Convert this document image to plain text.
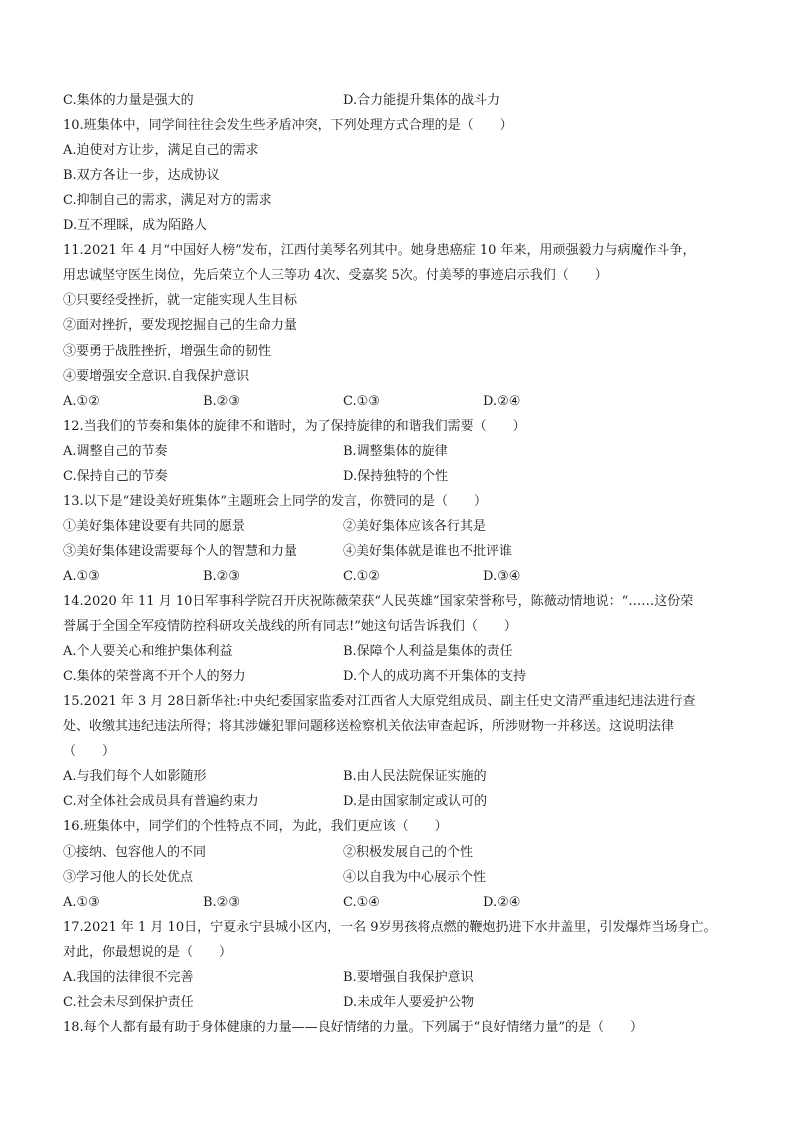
C.集体的力量是强大的	D.合力能提升集体的战斗力
10.班集体中，同学间往往会发生些矛盾冲突，下列处理方式合理的是（　　）
A.迫使对方让步，满足自己的需求
B.双方各让一步，达成协议
C.抑制自己的需求，满足对方的需求
D.互不理睬，成为陌路人
11.2021 年 4 月“中国好人榜”发布，江西付美琴名列其中。她身患癌症 10 年来，用顽强毅力与病魔作斗争，
用忠诚坚守医生岗位，先后荣立个人三等功 4次、受嘉奖 5次。付美琴的事迹启示我们（　　）
①只要经受挫折，就一定能实现人生目标
②面对挫折，要发现挖掘自己的生命力量
③要勇于战胜挫折，增强生命的韧性
④要增强安全意识.自我保护意识
A.①②	B.②③	C.①③	D.②④
12.当我们的节奏和集体的旋律不和谐时，为了保持旋律的和谐我们需要（　　）
A.调整自己的节奏	B.调整集体的旋律
C.保持自己的节奏	D.保持独特的个性
13.以下是“建设美好班集体”主题班会上同学的发言，你赞同的是（　　）
①美好集体建设要有共同的愿景	②美好集体应该各行其是
③美好集体建设需要每个人的智慧和力量	④美好集体就是谁也不批评谁
A.①③	B.②③	C.①②	D.③④
14.2020 年 11 月 10日军事科学院召开庆祝陈薇荣获“人民英雄”国家荣誉称号，陈薇动情地说：“……这份荣
誉属于全国全军疫情防控科研攻关战线的所有同志!”她这句话告诉我们（　　）
A.个人要关心和维护集体利益	B.保障个人利益是集体的责任
C.集体的荣誉离不开个人的努力	D.个人的成功离不开集体的支持
15.2021 年 3 月 28日新华社:中央纪委国家监委对江西省人大原党组成员、副主任史文清严重违纪违法进行查
处、收缴其违纪违法所得；将其涉嫌犯罪问题移送检察机关依法审查起诉，所涉财物一并移送。这说明法律
（　　）
A.与我们每个人如影随形	B.由人民法院保证实施的
C.对全体社会成员具有普遍约束力	D.是由国家制定或认可的
16.班集体中，同学们的个性特点不同，为此，我们更应该（　　）
①接纳、包容他人的不同	②积极发展自己的个性
③学习他人的长处优点	④以自我为中心展示个性
A.①③	B.②③	C.①④	D.②④
17.2021 年 1 月 10日，宁夏永宁县城小区内，一名 9岁男孩将点燃的鞭炮扔进下水井盖里，引发爆炸当场身亡。
对此，你最想说的是（　　）
A.我国的法律很不完善	B.要增强自我保护意识
C.社会未尽到保护责任	D.未成年人要爱护公物
18.每个人都有最有助于身体健康的力量——良好情绪的力量。下列属于“良好情绪力量”的是（　　）
